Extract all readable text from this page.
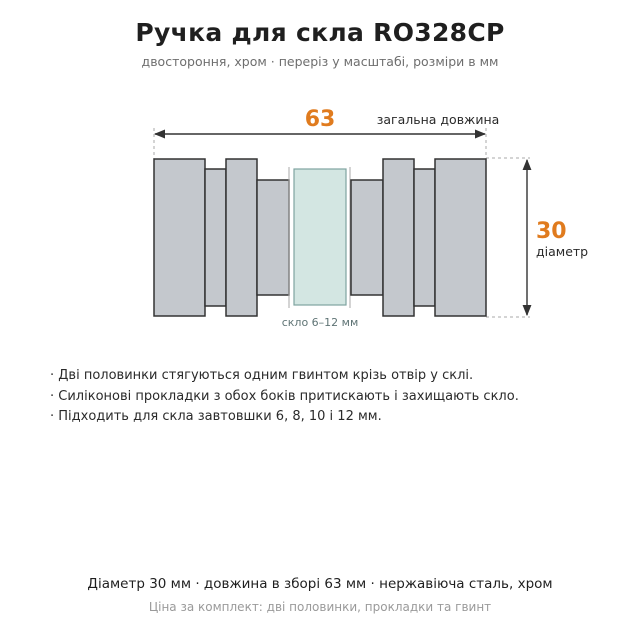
Ручка для скла RO328CP
двостороння, хром · переріз у масштабі, розміри в мм
63	загальна довжина
30
діаметр
скло 6–12 мм
· Дві половинки стягуються одним гвинтом крізь отвір у склі.
· Силіконові прокладки з обох боків притискають і захищають скло.
· Підходить для скла завтовшки 6, 8, 10 і 12 мм.
Діаметр 30 мм · довжина в зборі 63 мм · нержавіюча сталь, хром
Ціна за комплект: дві половинки, прокладки та гвинт
